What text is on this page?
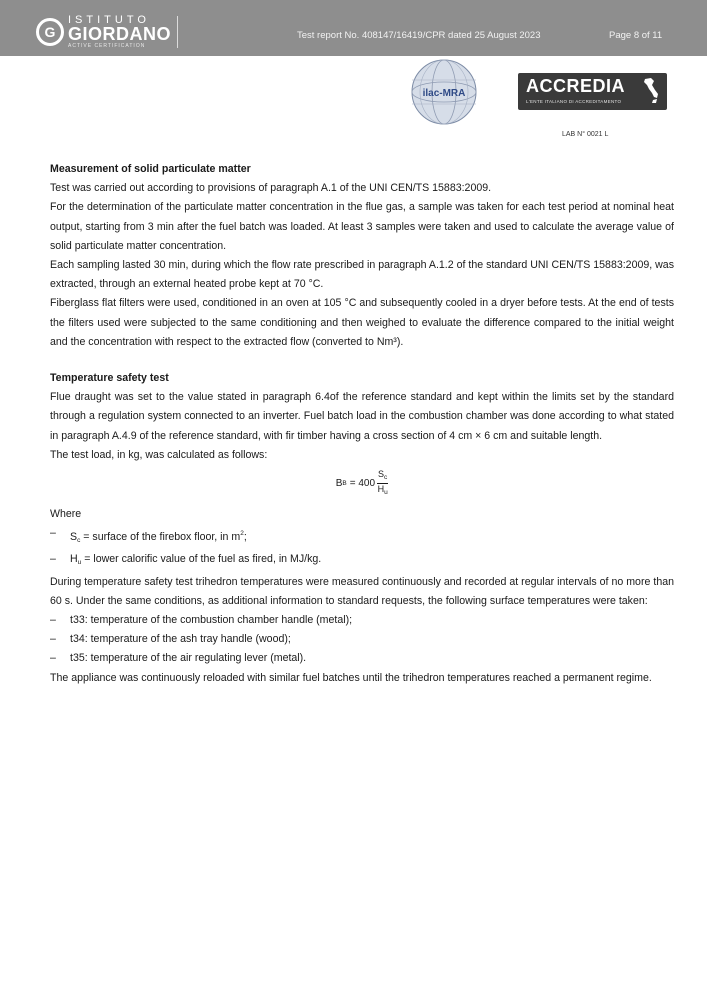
G
ISTITUTO
GIORDANO
ACTIVE CERTIFICATION
Test report No. 408147/16419/CPR dated 25 August 2023	Page 8 of 11
ilac-MRA	ACCREDIA
L'ENTE ITALIANO DI ACCREDITAMENTO
LAB N° 0021 L

Measurement of solid particulate matter

Test was carried out according to provisions of paragraph A.1 of the UNI CEN/TS 15883:2009.

For the determination of the particulate matter concentration in the flue gas, a sample was taken for each test period at nominal heat output, starting from 3 min after the fuel batch was loaded. At least 3 samples were taken and used to calculate the average value of solid particulate matter concentration.

Each sampling lasted 30 min, during which the flow rate prescribed in paragraph A.1.2 of the standard UNI CEN/TS 15883:2009, was extracted, through an external heated probe kept at 70 °C.

Fiberglass flat filters were used, conditioned in an oven at 105 °C and subsequently cooled in a dryer before tests. At the end of tests the filters used were subjected to the same conditioning and then weighed to evaluate the difference compared to the initial weight and the concentration with respect to the extracted flow (converted to Nm³).

Temperature safety test

Flue draught was set to the value stated in paragraph 6.4of the reference standard and kept within the limits set by the standard through a regulation system connected to an inverter. Fuel batch load in the combustion chamber was done according to what stated in paragraph A.4.9 of the reference standard, with fir timber having a cross section of 4 cm × 6 cm and suitable length.

The test load, in kg, was calculated as follows:

B $B = 400 \frac{S_c}{H_u}$

Where

–	$S_c$ = surface of the firebox floor, in $m^2$;
–	$H_u$ = lower calorific value of the fuel as fired, in MJ/kg.

During temperature safety test trihedron temperatures were measured continuously and recorded at regular intervals of no more than 60 s. Under the same conditions, as additional information to standard requests, the following surface temperatures were taken:

–	t33: temperature of the combustion chamber handle (metal);
–	t34: temperature of the ash tray handle (wood);
–	t35: temperature of the air regulating lever (metal).

The appliance was continuously reloaded with similar fuel batches until the trihedron temperatures reached a permanent regime.
